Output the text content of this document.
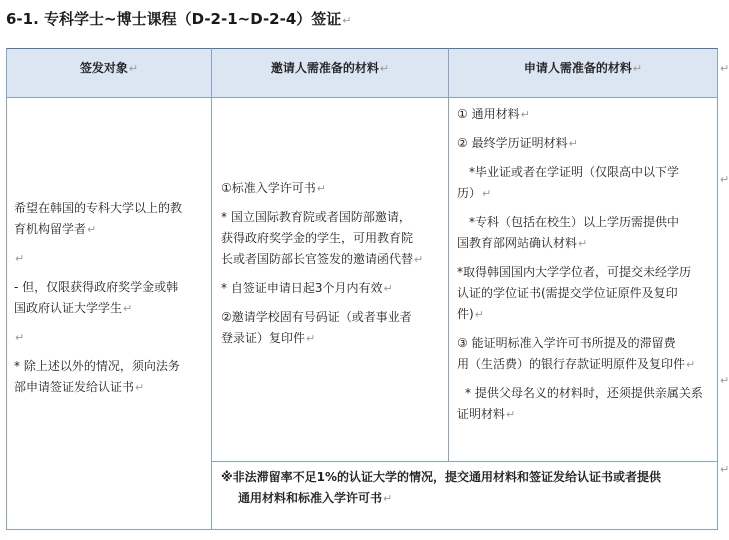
6-1. 专科学士~博士课程（D-2-1~D-2-4）签证↵
签发对象↵	邀请人需准备的材料↵	申请人需准备的材料↵
希望在韩国的专科大学以上的教
育机构留学者↵
↵
- 但，仅限获得政府奖学金或韩
国政府认证大学学生↵
↵
* 除上述以外的情况，须向法务
部申请签证发给认证书↵
①标准入学许可书↵
* 国立国际教育院或者国防部邀请，
获得政府奖学金的学生，可用教育院
长或者国防部长官签发的邀请函代替↵
* 自签证申请日起3个月内有效↵
②邀请学校固有号码证（或者事业者
登录证）复印件↵
① 通用材料↵
② 最终学历证明材料↵
*毕业证或者在学证明（仅限高中以下学
历）↵
*专科（包括在校生）以上学历需提供中
国教育部网站确认材料↵
*取得韩国国内大学学位者，可提交未经学历
认证的学位证书(需提交学位证原件及复印
件)↵
③ 能证明标准入学许可书所提及的滞留费
用（生活费）的银行存款证明原件及复印件↵
* 提供父母名义的材料时，还须提供亲属关系
证明材料↵
※非法滞留率不足1%的认证大学的情况，提交通用材料和签证发给认证书或者提供
通用材料和标准入学许可书↵
↵
↵
↵
↵
